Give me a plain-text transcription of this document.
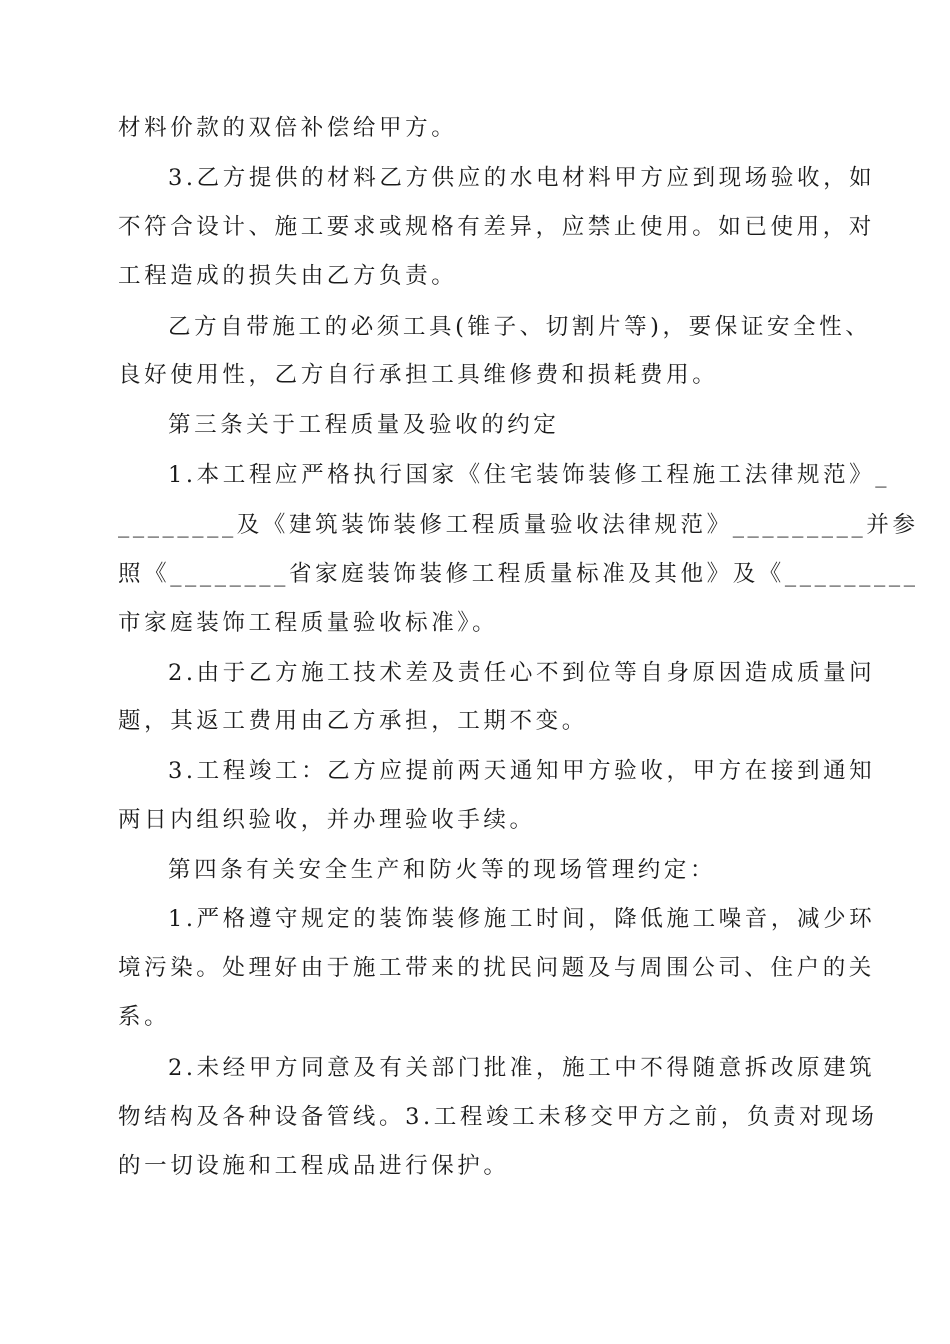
材料价款的双倍补偿给甲方。
3.乙方提供的材料乙方供应的水电材料甲方应到现场验收，如
不符合设计、施工要求或规格有差异，应禁止使用。如已使用，对
工程造成的损失由乙方负责。
乙方自带施工的必须工具(锥子、切割片等)，要保证安全性、
良好使用性，乙方自行承担工具维修费和损耗费用。
第三条关于工程质量及验收的约定
1.本工程应严格执行国家《住宅装饰装修工程施工法律规范》_
________及《建筑装饰装修工程质量验收法律规范》_________并参
照《________省家庭装饰装修工程质量标准及其他》及《_________
市家庭装饰工程质量验收标准》。
2.由于乙方施工技术差及责任心不到位等自身原因造成质量问
题，其返工费用由乙方承担，工期不变。
3.工程竣工：乙方应提前两天通知甲方验收，甲方在接到通知
两日内组织验收，并办理验收手续。
第四条有关安全生产和防火等的现场管理约定：
1.严格遵守规定的装饰装修施工时间，降低施工噪音，减少环
境污染。处理好由于施工带来的扰民问题及与周围公司、住户的关
系。
2.未经甲方同意及有关部门批准，施工中不得随意拆改原建筑
物结构及各种设备管线。3.工程竣工未移交甲方之前，负责对现场
的一切设施和工程成品进行保护。
